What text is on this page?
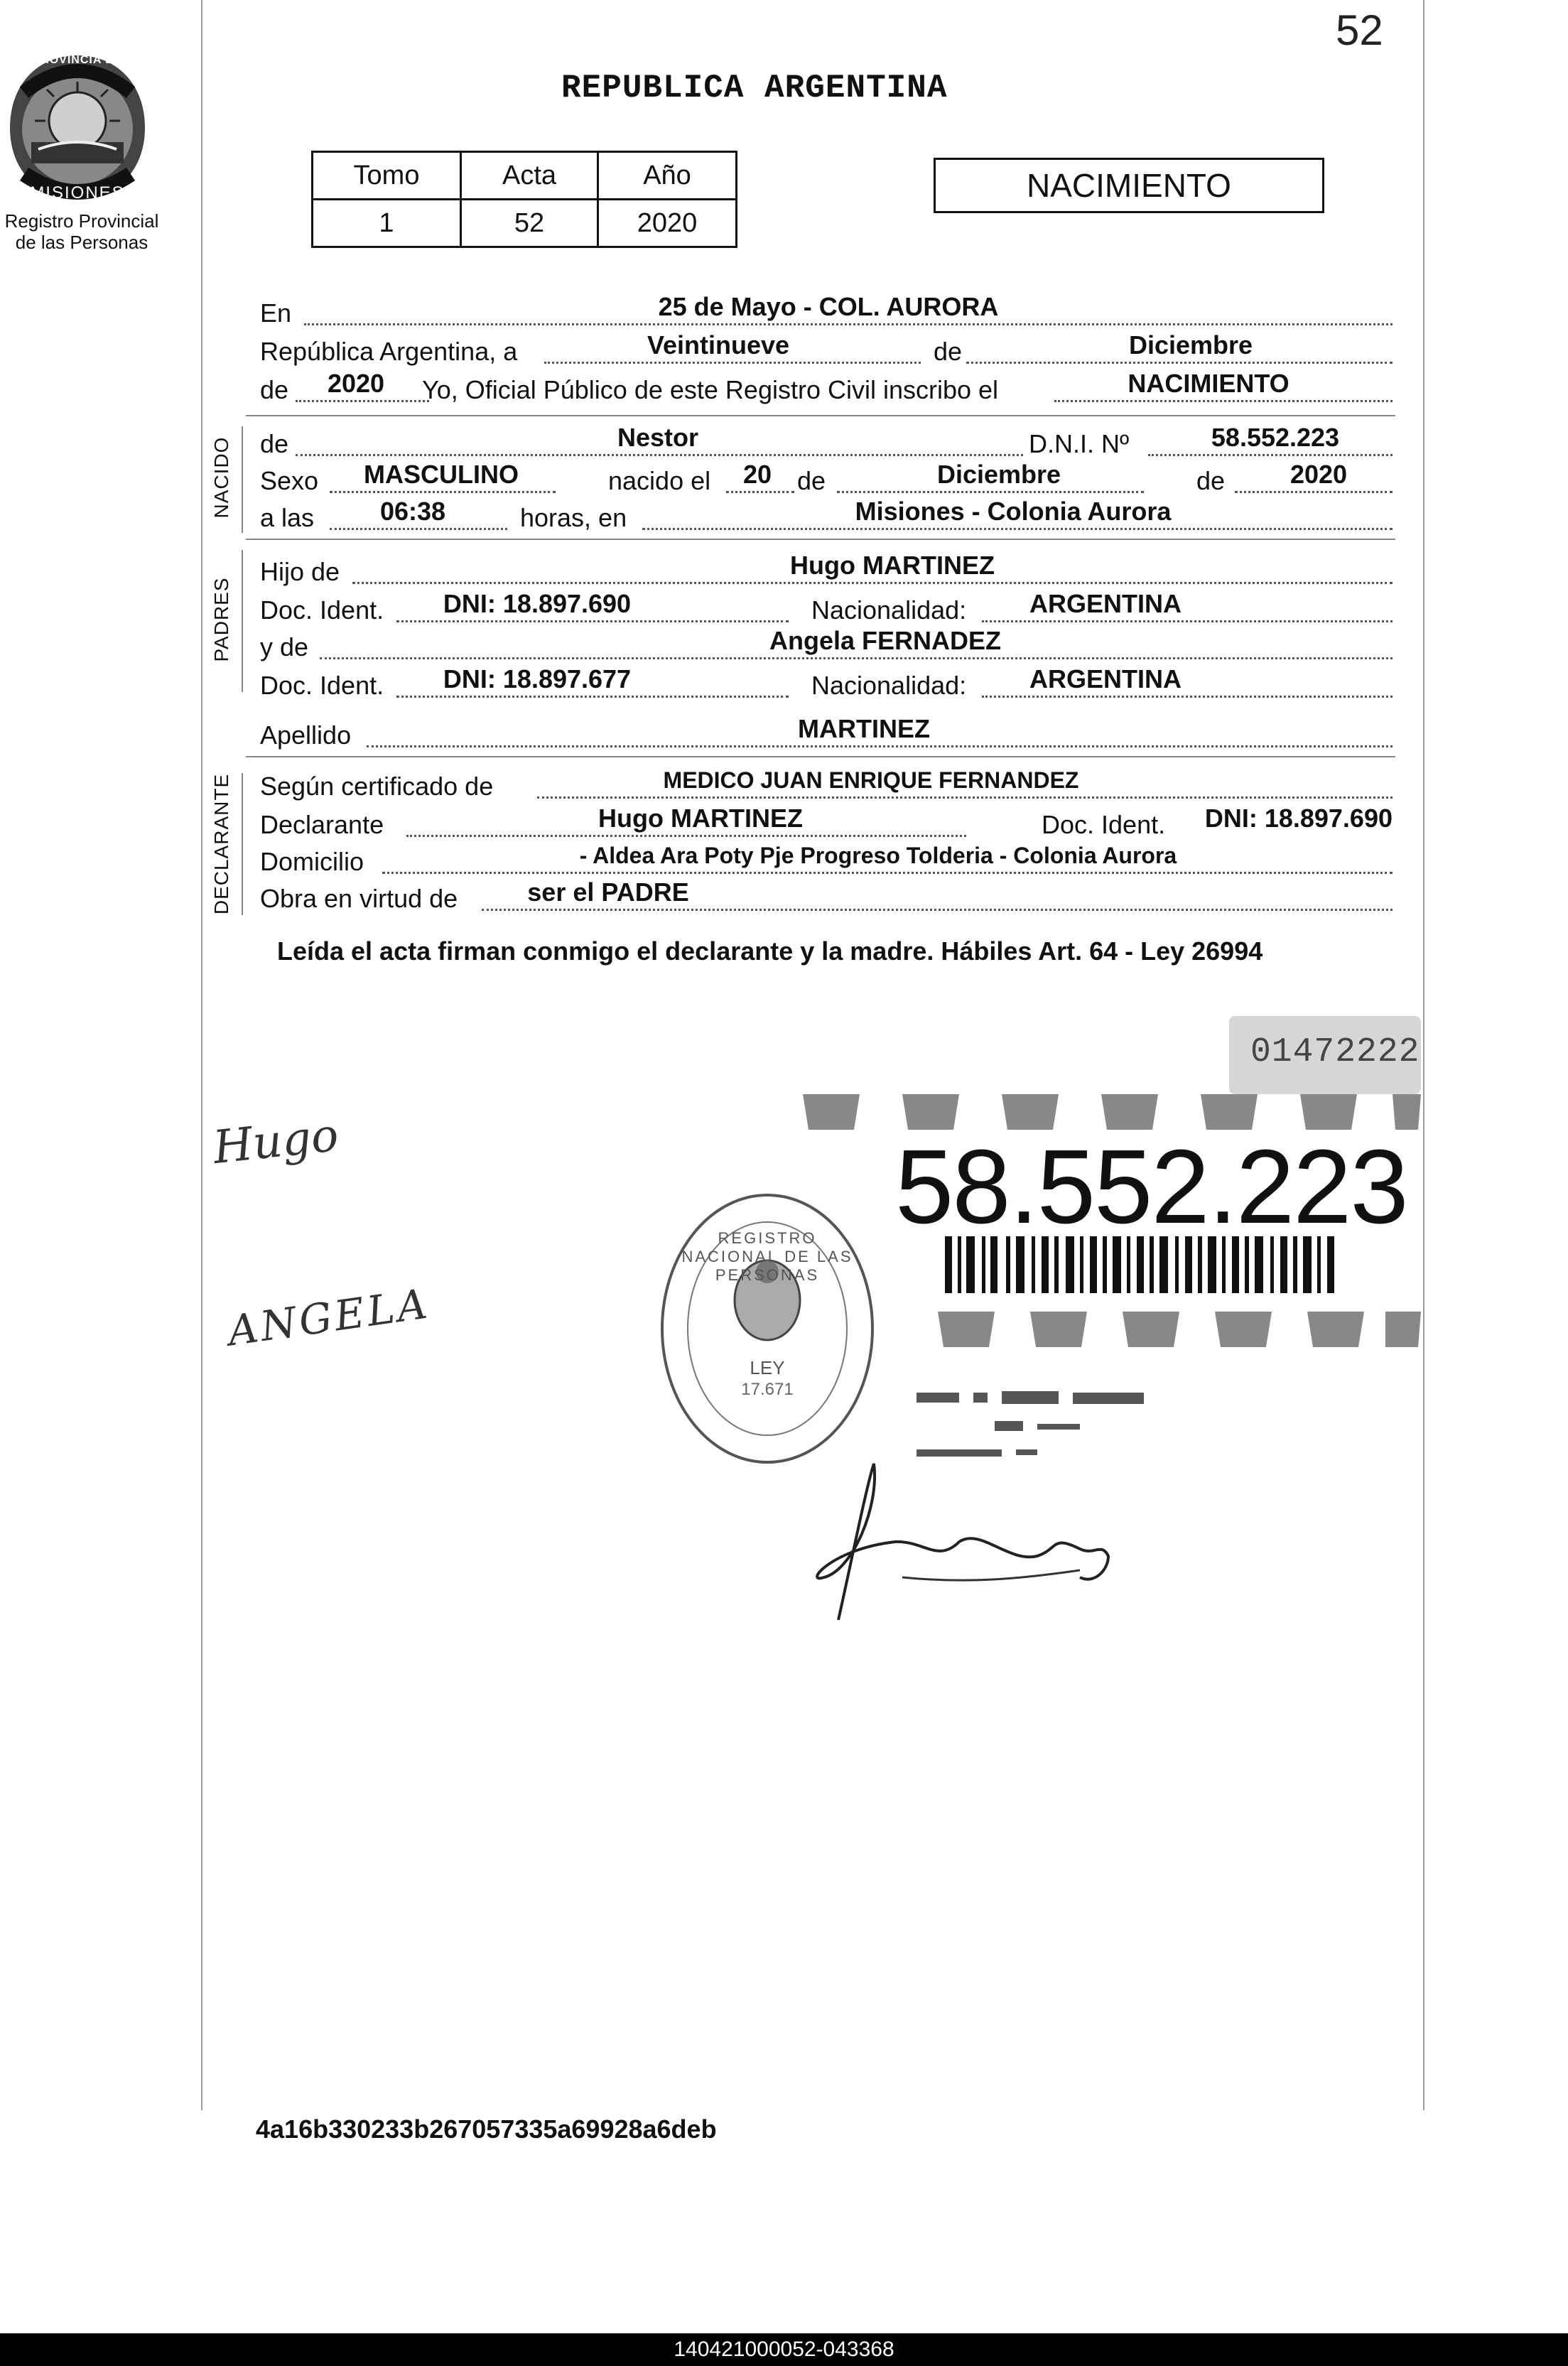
52
PROVINCIA DE
MISIONES
Registro Provincial
de las Personas
REPUBLICA ARGENTINA
Tomo	Acta	Año
1	52	2020
NACIMIENTO
En	25 de Mayo - COL. AURORA
República Argentina, a	Veintinueve	de	Diciembre
de	2020	Yo, Oficial Público de este Registro Civil inscribo el	NACIMIENTO
NACIDO de	Nestor	D.N.I. Nº	58.552.223
Sexo	MASCULINO	nacido el 20 de	Diciembre	de	2020
a las	06:38	horas, en	Misiones - Colonia Aurora
PADRES
Hijo de	Hugo MARTINEZ
Doc. Ident.	DNI: 18.897.690	Nacionalidad:	ARGENTINA
y de	Angela FERNADEZ
Doc. Ident.	DNI: 18.897.677	Nacionalidad:	ARGENTINA
Apellido	MARTINEZ
DECLARANTE Según certificado de	MEDICO JUAN ENRIQUE FERNANDEZ
Declarante	Hugo MARTINEZ	Doc. Ident.	DNI: 18.897.690
Domicilio	- Aldea Ara Poty Pje Progreso Tolderia - Colonia Aurora
Obra en virtud de	ser el PADRE
Leída el acta firman conmigo el declarante y la madre. Hábiles Art. 64 - Ley 26994
01472222
58.552.223
REGISTRO NACIONAL DE LAS PERSONAS
LEY
17.671
Hugo
ANGELA
4a16b330233b267057335a69928a6deb
140421000052-043368
